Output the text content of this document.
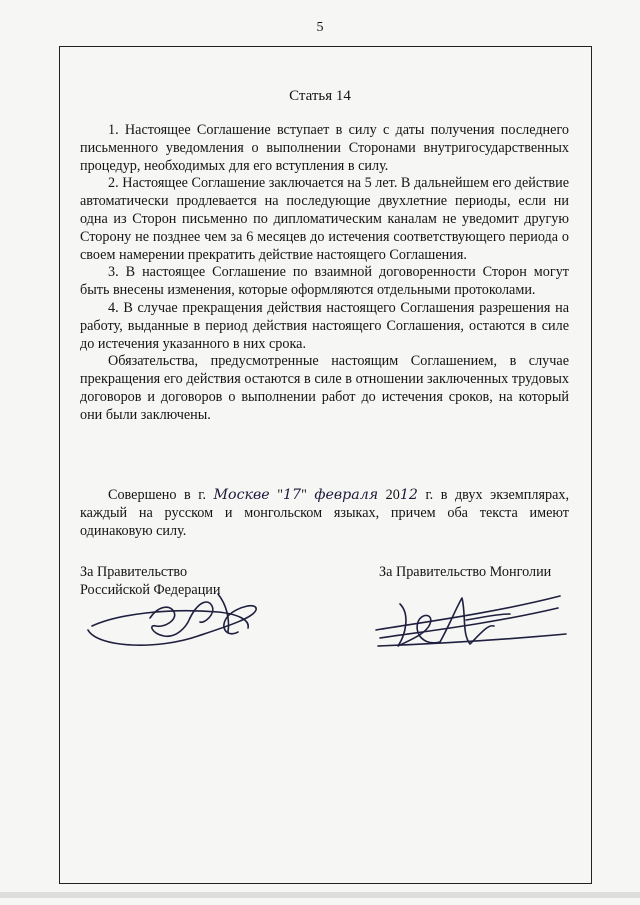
5
Статья 14

1. Настоящее Соглашение вступает в силу с даты получения последнего письменного уведомления о выполнении Сторонами внутригосударственных процедур, необходимых для его вступления в силу.

2. Настоящее Соглашение заключается на 5 лет. В дальнейшем его действие автоматически продлевается на последующие двухлетние периоды, если ни одна из Сторон письменно по дипломатическим каналам не уведомит другую Сторону не позднее чем за 6 месяцев до истечения соответствующего периода о своем намерении прекратить действие настоящего Соглашения.

3. В настоящее Соглашение по взаимной договоренности Сторон могут быть внесены изменения, которые оформляются отдельными протоколами.

4. В случае прекращения действия настоящего Соглашения разрешения на работу, выданные в период действия настоящего Соглашения, остаются в силе до истечения указанного в них срока.

Обязательства, предусмотренные настоящим Соглашением, в случае прекращения его действия остаются в силе в отношении заключенных трудовых договоров и договоров о выполнении работ до истечения сроков, на который они были заключены.

Совершено в г. Москве "17" февраля 2012 г. в двух экземплярах, каждый на русском и монгольском языках, причем оба текста имеют одинаковую силу.

За Правительство
Российской Федерации
За Правительство Монголии
